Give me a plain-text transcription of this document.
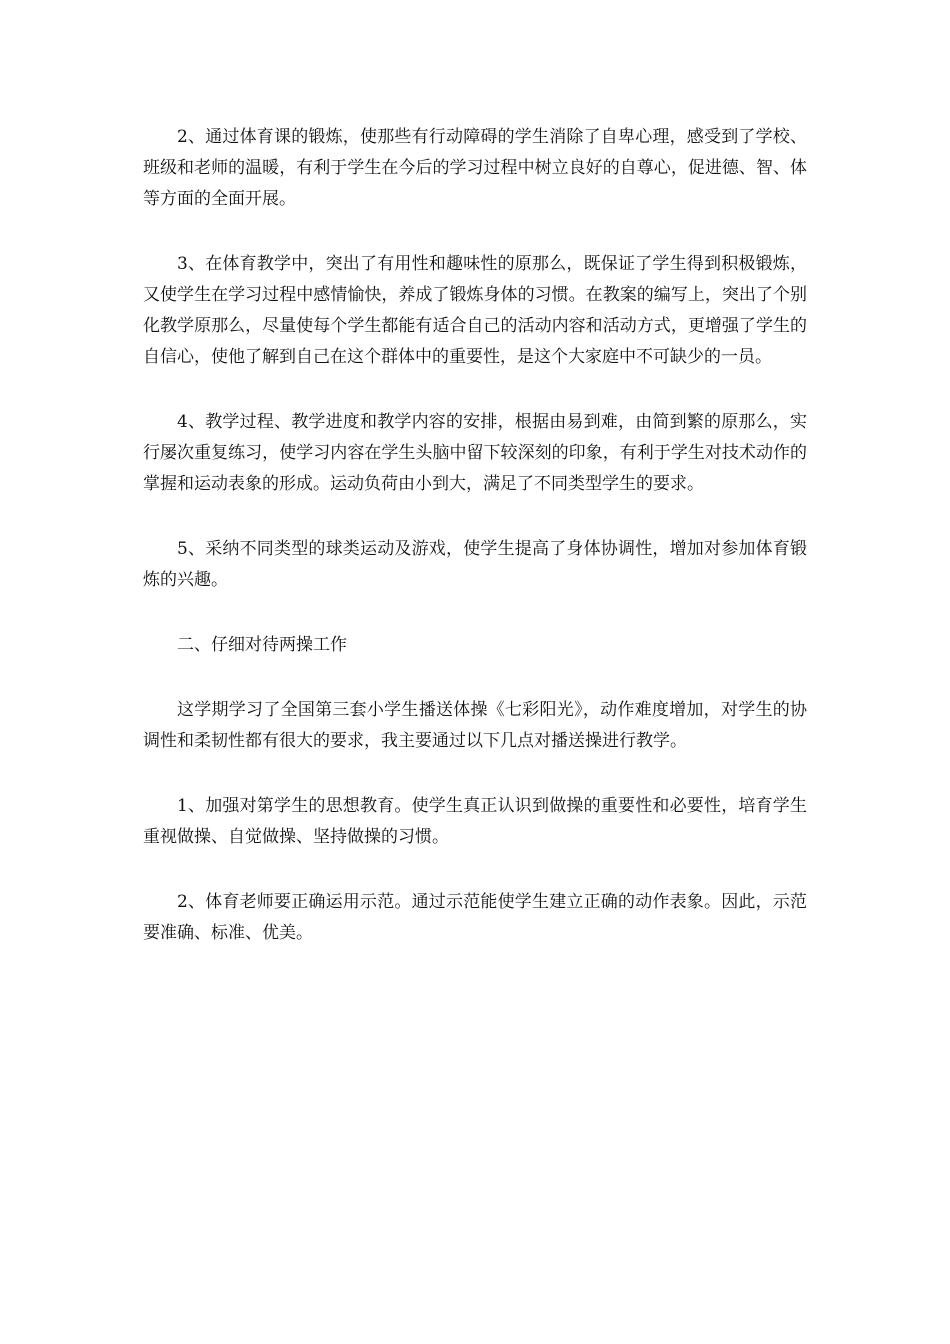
2、通过体育课的锻炼，使那些有行动障碍的学生消除了自卑心理，感受到了学校、班级和老师的温暖，有利于学生在今后的学习过程中树立良好的自尊心，促进德、智、体等方面的全面开展。

3、在体育教学中，突出了有用性和趣味性的原那么，既保证了学生得到积极锻炼，又使学生在学习过程中感情愉快，养成了锻炼身体的习惯。在教案的编写上，突出了个别化教学原那么，尽量使每个学生都能有适合自己的活动内容和活动方式，更增强了学生的自信心，使他了解到自己在这个群体中的重要性，是这个大家庭中不可缺少的一员。

4、教学过程、教学进度和教学内容的安排，根据由易到难，由简到繁的原那么，实行屡次重复练习，使学习内容在学生头脑中留下较深刻的印象，有利于学生对技术动作的掌握和运动表象的形成。运动负荷由小到大，满足了不同类型学生的要求。

5、采纳不同类型的球类运动及游戏，使学生提高了身体协调性，增加对参加体育锻炼的兴趣。

二、仔细对待两操工作

这学期学习了全国第三套小学生播送体操《七彩阳光》，动作难度增加，对学生的协调性和柔韧性都有很大的要求，我主要通过以下几点对播送操进行教学。

1、加强对第学生的思想教育。使学生真正认识到做操的重要性和必要性，培育学生重视做操、自觉做操、坚持做操的习惯。

2、体育老师要正确运用示范。通过示范能使学生建立正确的动作表象。因此，示范要准确、标准、优美。
